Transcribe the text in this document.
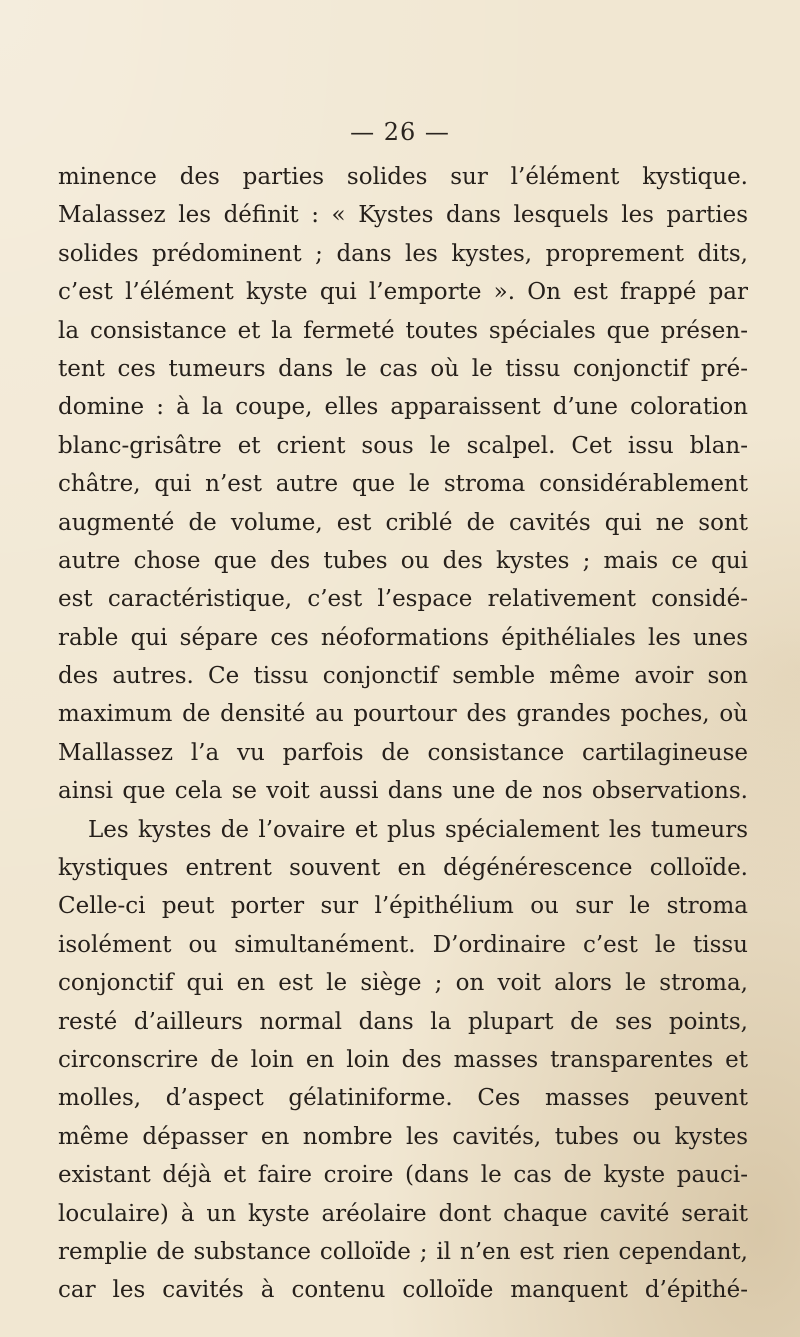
— 26 —
minence des parties solides sur l’élément kystique.
Malassez les définit : « Kystes dans lesquels les parties
solides prédominent ; dans les kystes, proprement dits,
c’est l’élément kyste qui l’emporte ». On est frappé par
la consistance et la fermeté toutes spéciales que présen-
tent ces tumeurs dans le cas où le tissu conjonctif pré-
domine : à la coupe, elles apparaissent d’une coloration
blanc-grisâtre et crient sous le scalpel. Cet issu blan-
châtre, qui n’est autre que le stroma considérablement
augmenté de volume, est criblé de cavités qui ne sont
autre chose que des tubes ou des kystes ; mais ce qui
est caractéristique, c’est l’espace relativement considé-
rable qui sépare ces néoformations épithéliales les unes
des autres. Ce tissu conjonctif semble même avoir son
maximum de densité au pourtour des grandes poches, où
Mallassez l’a vu parfois de consistance cartilagineuse
ainsi que cela se voit aussi dans une de nos observations.
Les kystes de l’ovaire et plus spécialement les tumeurs
kystiques entrent souvent en dégénérescence colloïde.
Celle-ci peut porter sur l’épithélium ou sur le stroma
isolément ou simultanément. D’ordinaire c’est le tissu
conjonctif qui en est le siège ; on voit alors le stroma,
resté d’ailleurs normal dans la plupart de ses points,
circonscrire de loin en loin des masses transparentes et
molles, d’aspect gélatiniforme. Ces masses peuvent
même dépasser en nombre les cavités, tubes ou kystes
existant déjà et faire croire (dans le cas de kyste pauci-
loculaire) à un kyste aréolaire dont chaque cavité serait
remplie de substance colloïde ; il n’en est rien cependant,
car les cavités à contenu colloïde manquent d’épithé-
